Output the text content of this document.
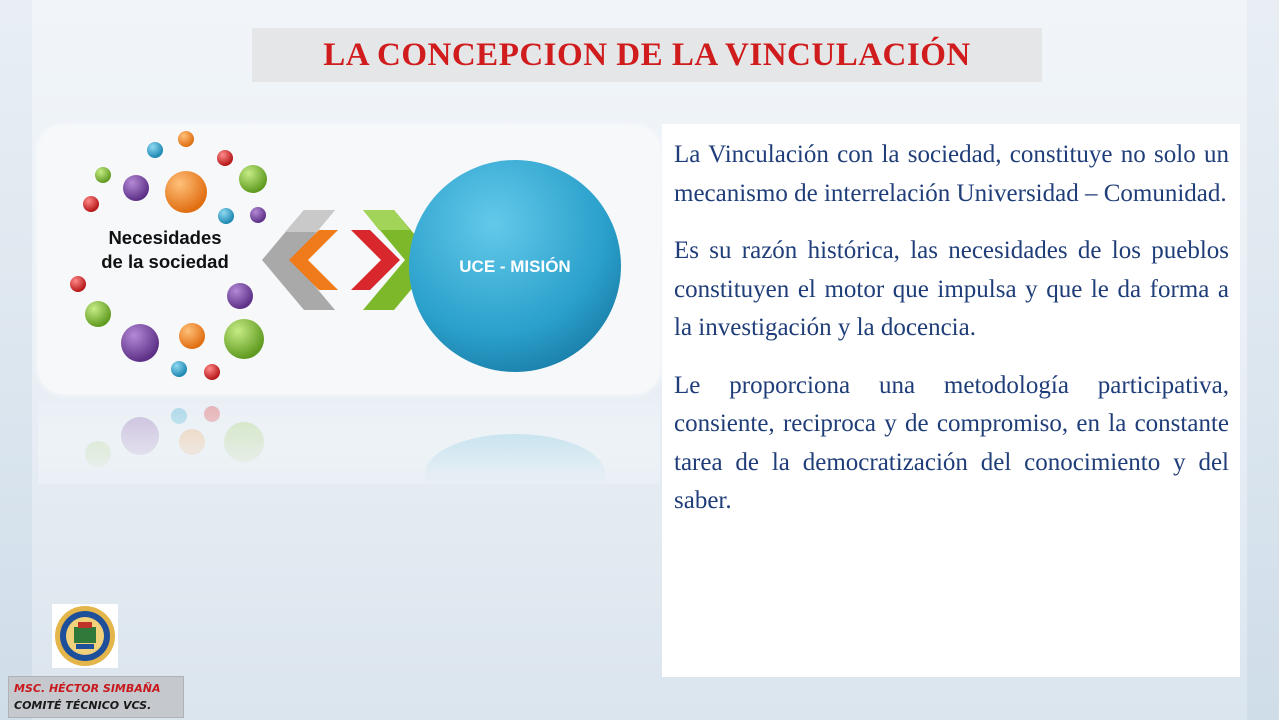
LA CONCEPCION DE LA VINCULACIÓN
Necesidades
de la sociedad	UCE - MISIÓN

La Vinculación con la sociedad, constituye no solo un mecanismo de interrelación Universidad – Comunidad.

Es su razón histórica, las necesidades de los pueblos constituyen el motor que impulsa y que le da forma a la investigación y la docencia.

Le proporciona una metodología participativa, consiente, reciproca y de compromiso, en la constante tarea de la democratización del conocimiento y del saber.

MSC. HÉCTOR SIMBAÑA
COMITÉ TÉCNICO VCS.
